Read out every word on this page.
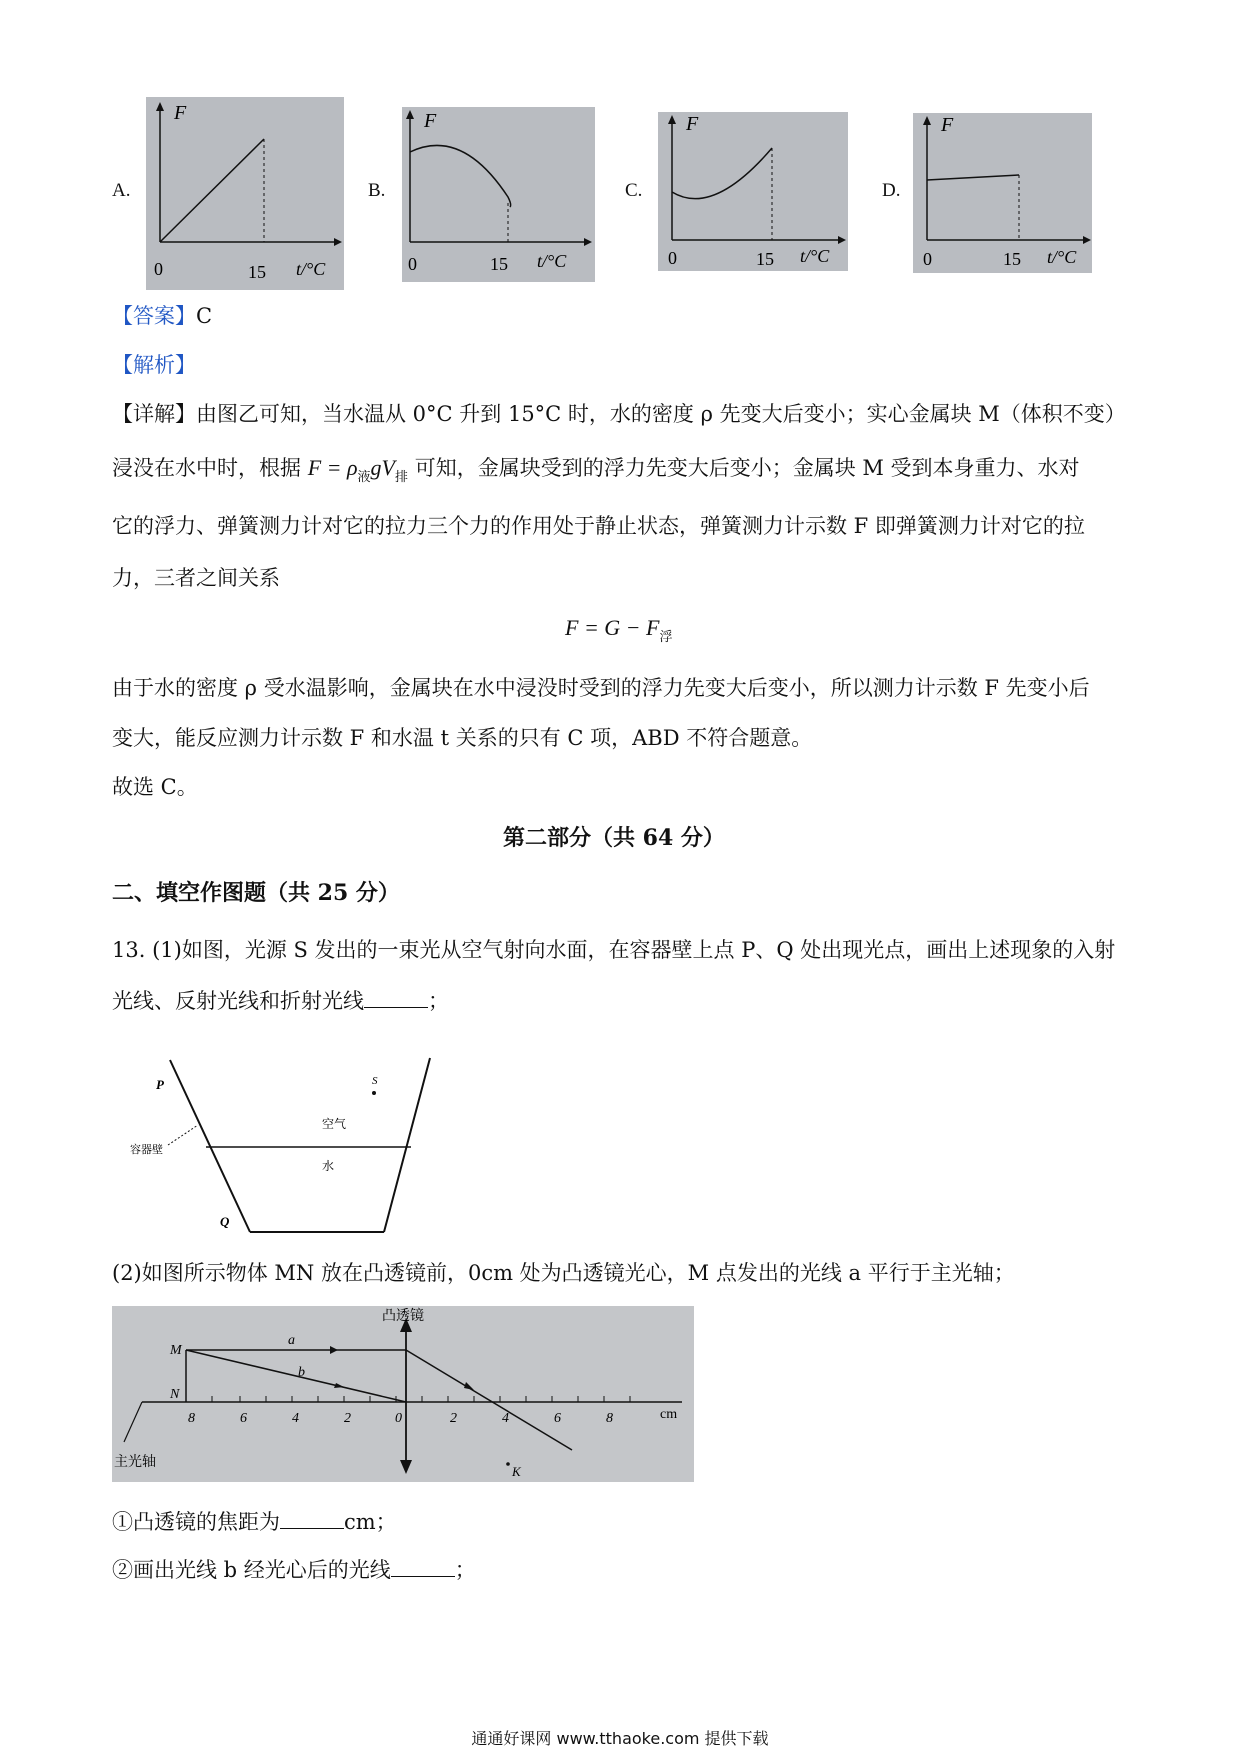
A.	B.	C.	D.
F
0	15 t/°C
F
0	15 t/°C
F
0	15 t/°C
F
0	15 t/°C
【答案】C
【解析】
【详解】由图乙可知，当水温从 0°C 升到 15°C 时，水的密度 ρ 先变大后变小；实心金属块 M（体积不变）
浸没在水中时，根据 $F = \rho_液gV_排$ 可知，金属块受到的浮力先变大后变小；金属块 M 受到本身重力、水对
它的浮力、弹簧测力计对它的拉力三个力的作用处于静止状态，弹簧测力计示数 F 即弹簧测力计对它的拉
力，三者之间关系
$F = G - F_浮$
由于水的密度 ρ 受水温影响，金属块在水中浸没时受到的浮力先变大后变小，所以测力计示数 F 先变小后
变大，能反应测力计示数 F 和水温 t 关系的只有 C 项，ABD 不符合题意。
故选 C。
第二部分（共 64 分）
二、填空作图题（共 25 分）
13. (1)如图，光源 S 发出的一束光从空气射向水面，在容器壁上点 P、Q 处出现光点，画出上述现象的入射
光线、反射光线和折射光线	；
S
P
Q
空气
水
容器壁
(2)如图所示物体 MN 放在凸透镜前，0cm 处为凸透镜光心，M 点发出的光线 a 平行于主光轴；
8	6	4	2	0	2	4	6	8	cm
凸透镜
M
N
a
b
K
主光轴
①凸透镜的焦距为	cm；
②画出光线 b 经光心后的光线	；
通通好课网 www.tthaoke.com 提供下载
